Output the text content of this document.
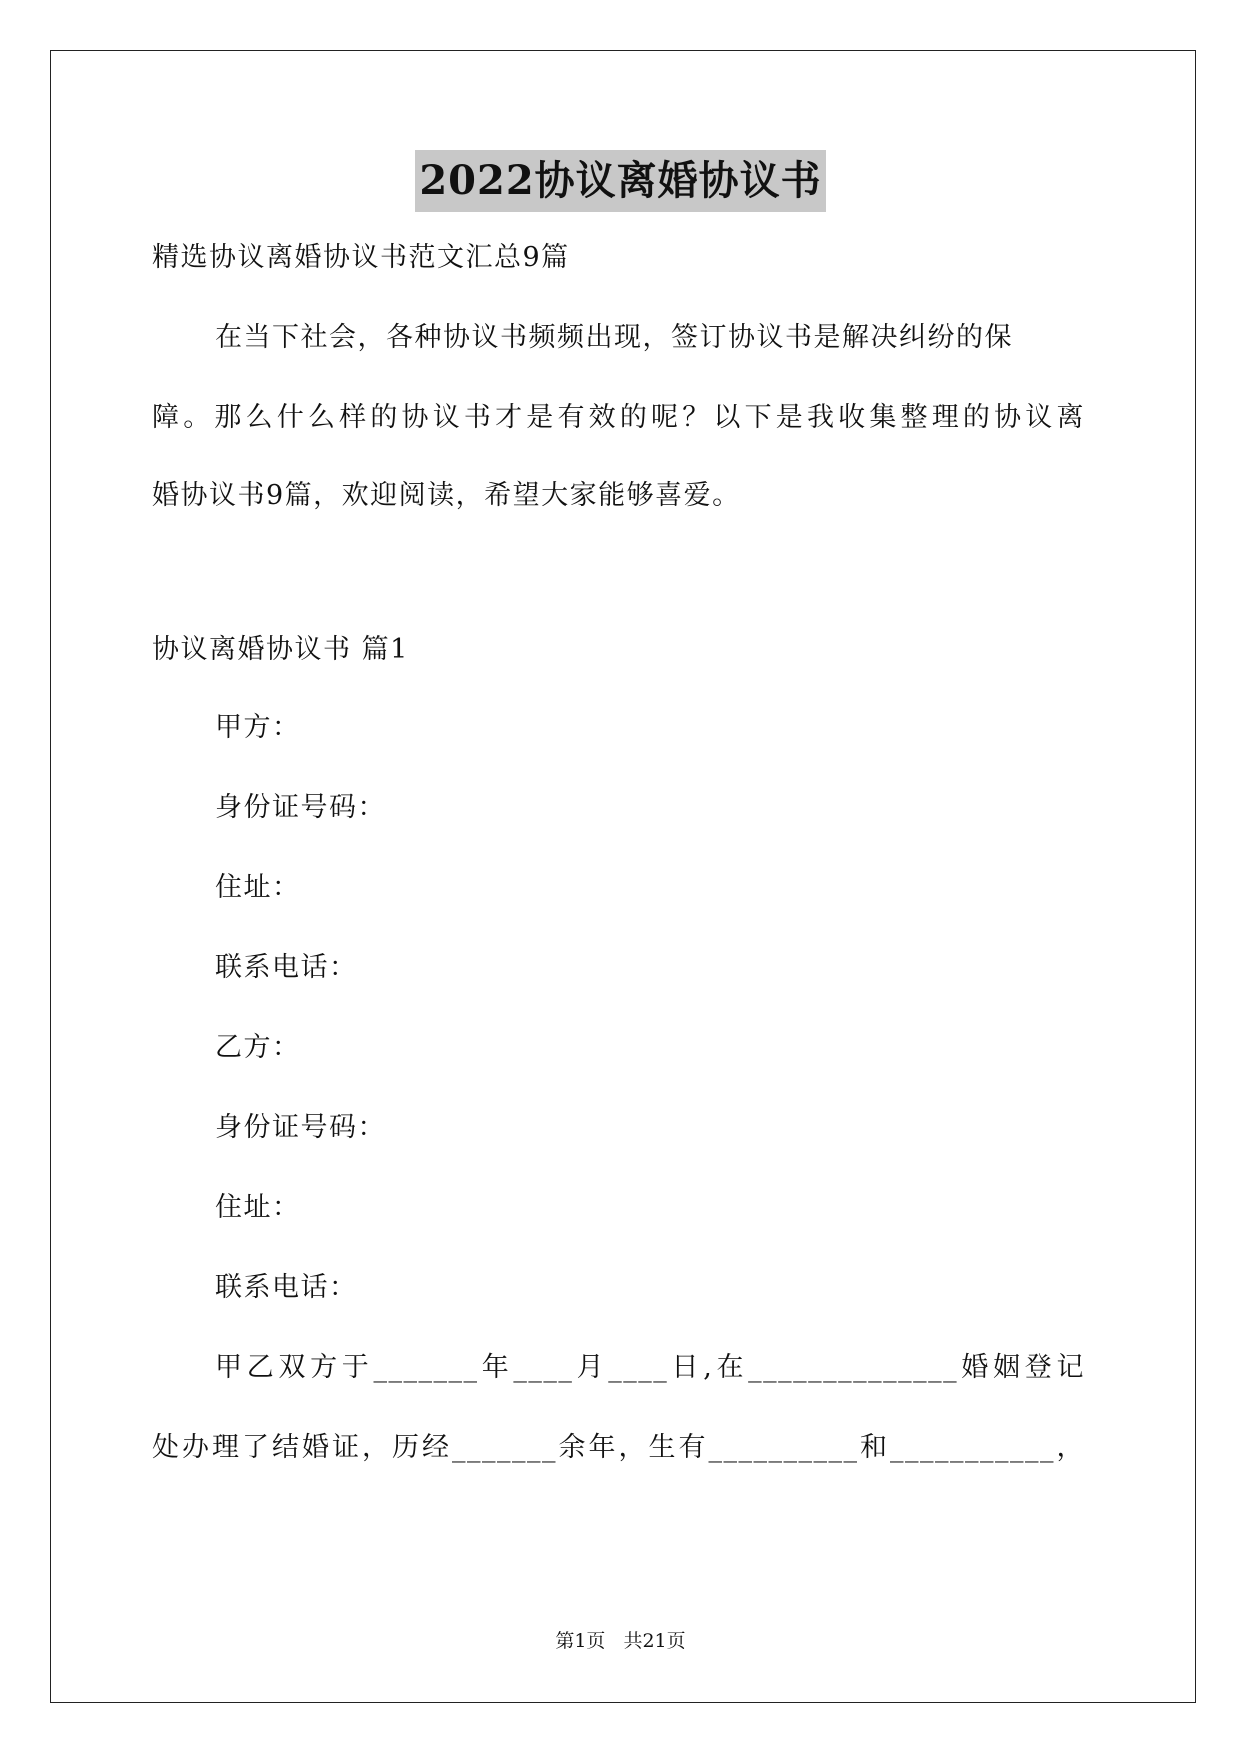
2022协议离婚协议书
精选协议离婚协议书范文汇总9篇
在当下社会，各种协议书频频出现，签订协议书是解决纠纷的保
障。那么什么样的协议书才是有效的呢？以下是我收集整理的协议离
婚协议书9篇，欢迎阅读，希望大家能够喜爱。
协议离婚协议书 篇1
甲方：
身份证号码：
住址：
联系电话：
乙方：
身份证号码：
住址：
联系电话：
甲乙双方于_______年____月____日,在______________婚姻登记
处办理了结婚证，历经_______余年，生有__________和___________，
第1页 共21页
